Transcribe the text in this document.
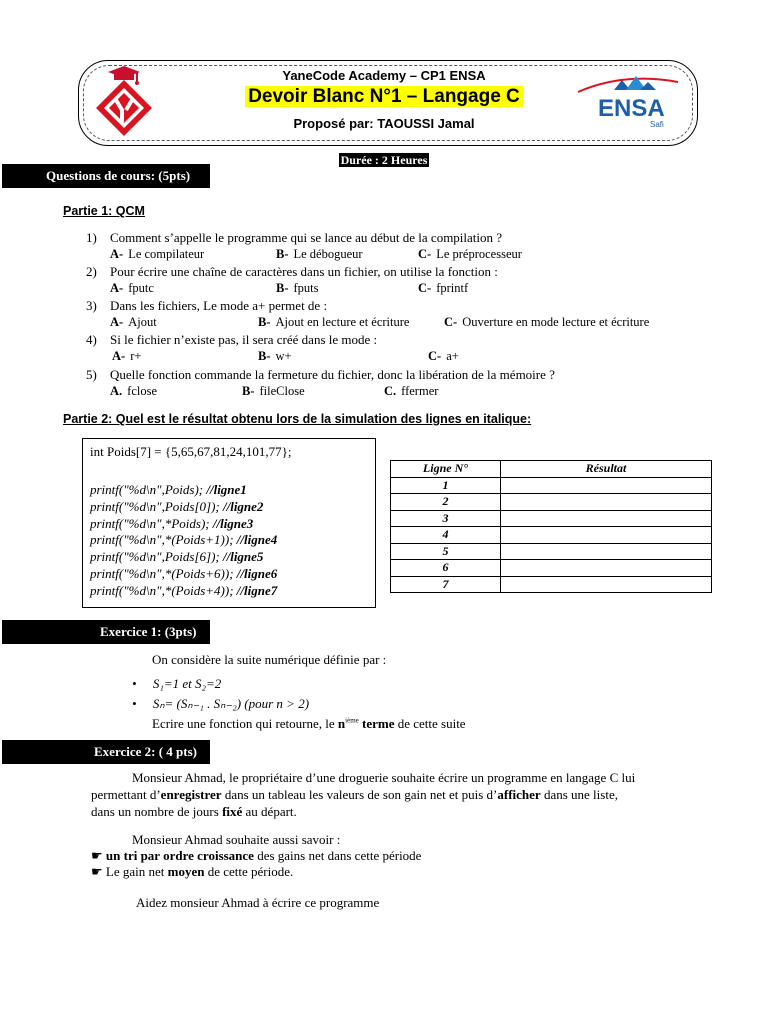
YaneCode Academy – CP1 ENSA
Devoir Blanc N°1 – Langage C
Proposé par: TAOUSSI Jamal
ENSA
Safi
Durée : 2 Heures
Questions de cours: (5pts)
Partie 1: QCM
1) Comment s’appelle le programme qui se lance au début de la compilation ?
A- Le compilateur	B- Le débogueur	C- Le préprocesseur
2) Pour écrire une chaîne de caractères dans un fichier, on utilise la fonction :
A- fputc	B- fputs	C- fprintf
3) Dans les fichiers, Le mode a+ permet de :
A- Ajout	B- Ajout en lecture et écriture	C- Ouverture en mode lecture et écriture
4) Si le fichier n’existe pas, il sera créé dans le mode :
A- r+	B- w+	C- a+
5) Quelle fonction commande la fermeture du fichier, donc la libération de la mémoire ?
A. fclose	B- fileClose	C. ffermer
Partie 2: Quel est le résultat obtenu lors de la simulation des lignes en italique:
int Poids[7] = {5,65,67,81,24,101,77};
printf("%d\n",Poids); //ligne1
printf("%d\n",Poids[0]); //ligne2
printf("%d\n",*Poids); //ligne3
printf("%d\n",*(Poids+1)); //ligne4
printf("%d\n",Poids[6]); //ligne5
printf("%d\n",*(Poids+6)); //ligne6
printf("%d\n",*(Poids+4)); //ligne7
Ligne N°	Résultat
1	
2	
3	
4	
5	
6	
7	
Exercice 1: (3pts)
On considère la suite numérique définie par :
•     S₁=1 et S₂=2
•     Sₙ= (Sₙ₋₁ . Sₙ₋₂) (pour n > 2)
Ecrire une fonction qui retourne, le $n^{ième}$ terme de cette suite
Exercice 2: ( 4 pts)
Monsieur Ahmad, le propriétaire d’une droguerie souhaite écrire un programme en langage C lui
permettant d’enregistrer dans un tableau les valeurs de son gain net et puis d’afficher dans une liste,
dans un nombre de jours fixé au départ.
Monsieur Ahmad souhaite aussi savoir :
☛ un tri par ordre croissance des gains net dans cette période
☛ Le gain net moyen de cette période.
Aidez monsieur Ahmad à écrire ce programme
